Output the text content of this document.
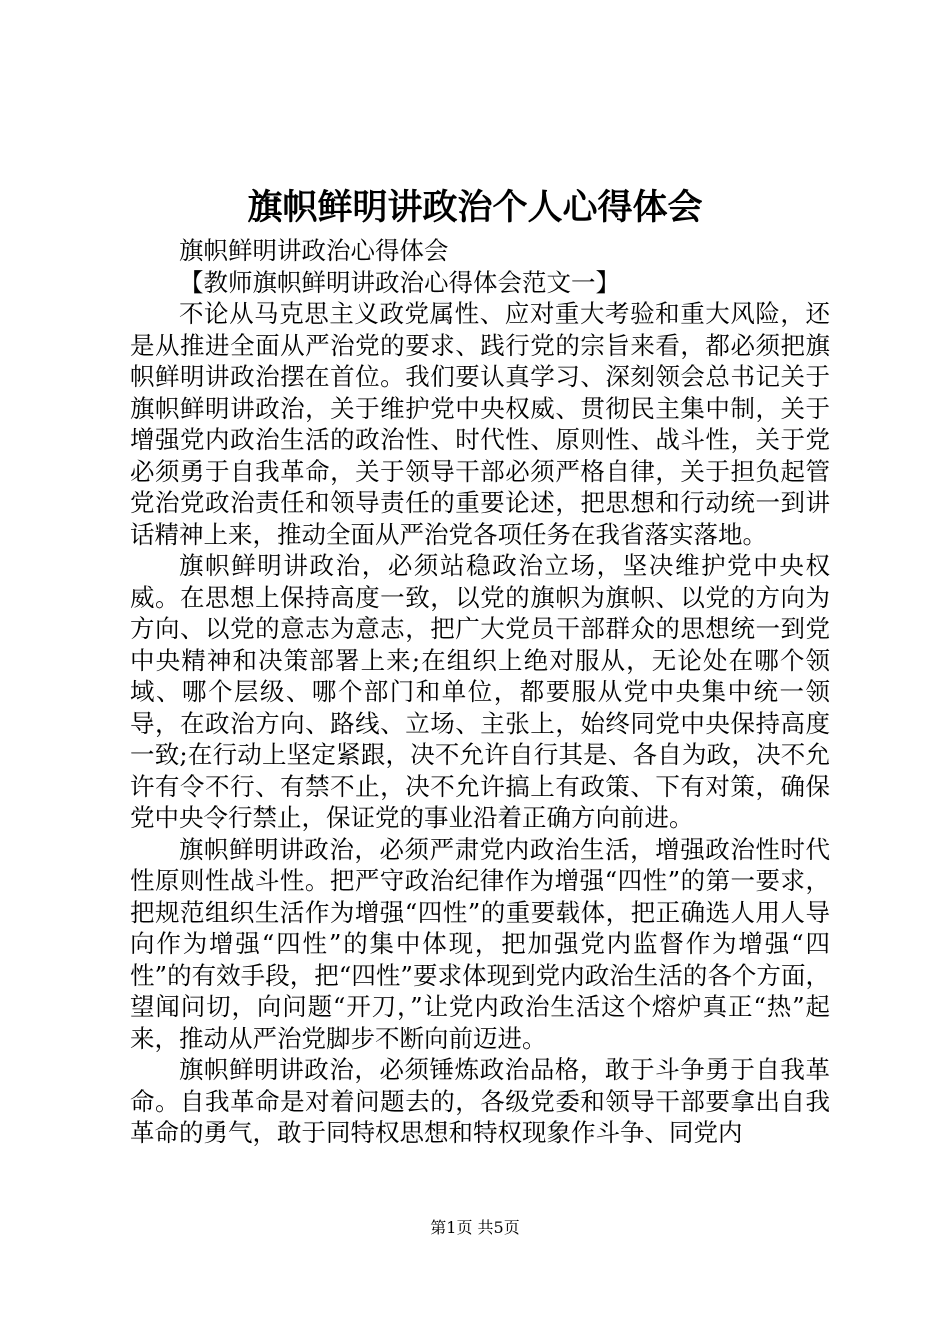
旗帜鲜明讲政治个人心得体会

旗帜鲜明讲政治心得体会

【教师旗帜鲜明讲政治心得体会范文一】

不论从马克思主义政党属性、应对重大考验和重大风险，还是从推进全面从严治党的要求、践行党的宗旨来看，都必须把旗帜鲜明讲政治摆在首位。我们要认真学习、深刻领会总书记关于旗帜鲜明讲政治，关于维护党中央权威、贯彻民主集中制，关于增强党内政治生活的政治性、时代性、原则性、战斗性，关于党必须勇于自我革命，关于领导干部必须严格自律，关于担负起管党治党政治责任和领导责任的重要论述，把思想和行动统一到讲话精神上来，推动全面从严治党各项任务在我省落实落地。

旗帜鲜明讲政治，必须站稳政治立场，坚决维护党中央权威。在思想上保持高度一致，以党的旗帜为旗帜、以党的方向为方向、以党的意志为意志，把广大党员干部群众的思想统一到党中央精神和决策部署上来;在组织上绝对服从，无论处在哪个领域、哪个层级、哪个部门和单位，都要服从党中央集中统一领导，在政治方向、路线、立场、主张上，始终同党中央保持高度一致;在行动上坚定紧跟，决不允许自行其是、各自为政，决不允许有令不行、有禁不止，决不允许搞上有政策、下有对策，确保党中央令行禁止，保证党的事业沿着正确方向前进。

旗帜鲜明讲政治，必须严肃党内政治生活，增强政治性时代性原则性战斗性。把严守政治纪律作为增强“四性”的第一要求，把规范组织生活作为增强“四性”的重要载体，把正确选人用人导向作为增强“四性”的集中体现，把加强党内监督作为增强“四性”的有效手段，把“四性”要求体现到党内政治生活的各个方面，望闻问切，向问题“开刀，”让党内政治生活这个熔炉真正“热”起来，推动从严治党脚步不断向前迈进。

旗帜鲜明讲政治，必须锤炼政治品格，敢于斗争勇于自我革命。自我革命是对着问题去的，各级党委和领导干部要拿出自我革命的勇气，敢于同特权思想和特权现象作斗争、同党内

第1页 共5页
